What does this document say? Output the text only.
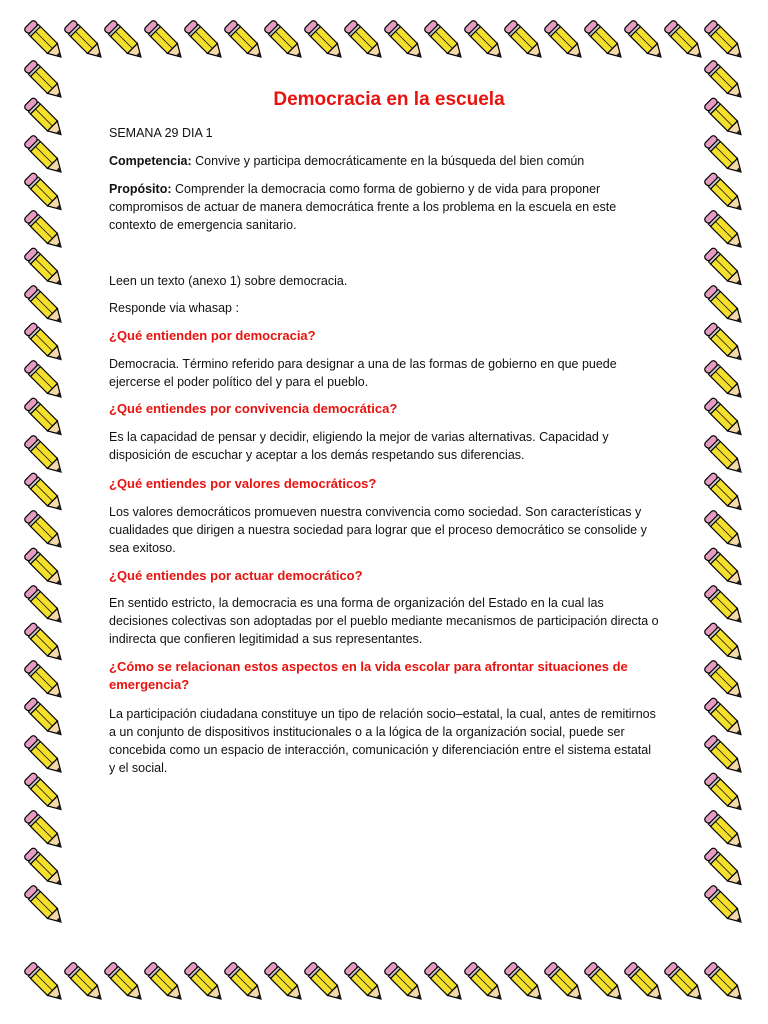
Democracia en la escuela
SEMANA 29 DIA 1
Competencia: Convive y participa democráticamente en la búsqueda del bien común
Propósito: Comprender la democracia como forma de gobierno y de vida para proponer compromisos de actuar de manera democrática frente a los problema en la escuela en este contexto de emergencia sanitario.
Leen un texto (anexo 1) sobre democracia.
Responde via whasap :
¿Qué entienden por democracia?
Democracia. Término referido para designar a una de las formas de gobierno en que puede ejercerse el poder político del y para el pueblo.
¿Qué entiendes por convivencia democrática?
Es la capacidad de pensar y decidir, eligiendo la mejor de varias alternativas. Capacidad y disposición de escuchar y aceptar a los demás respetando sus diferencias.
¿Qué entiendes por valores democráticos?
Los valores democráticos promueven nuestra convivencia como sociedad. Son características y cualidades que dirigen a nuestra sociedad para lograr que el proceso democrático se consolide y sea exitoso.
¿Qué entiendes por actuar democrático?
En sentido estricto, la democracia es una forma de organización del Estado en la cual las decisiones colectivas son adoptadas por el pueblo mediante mecanismos de participación directa o indirecta que confieren legitimidad a sus representantes.
¿Cómo se relacionan estos aspectos en la vida escolar para afrontar situaciones de emergencia?
La participación ciudadana constituye un tipo de relación socio–estatal, la cual, antes de remitirnos a un conjunto de dispositivos institucionales o a la lógica de la organización social, puede ser concebida como un espacio de interacción, comunicación y diferenciación entre el sistema estatal y el social.
